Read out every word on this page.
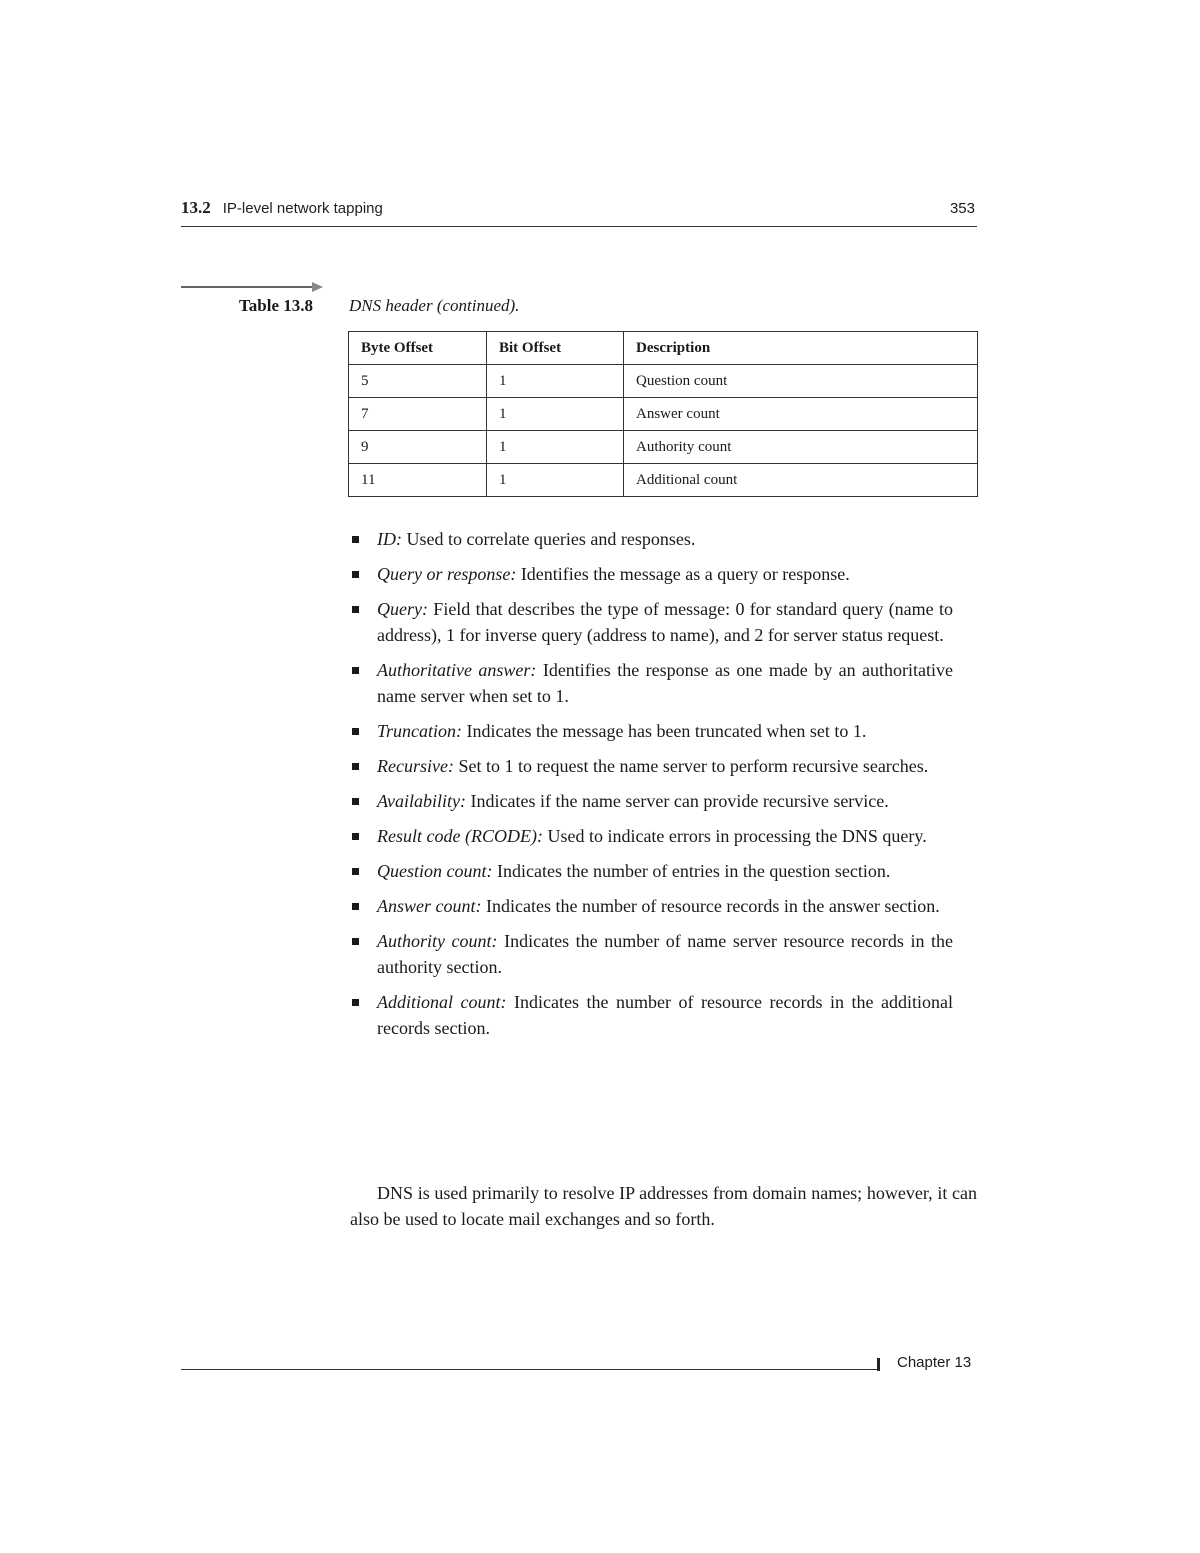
13.2 IP-level network tapping	353
Table 13.8 DNS header (continued).
Byte Offset	Bit Offset	Description
5	1	Question count
7	1	Answer count
9	1	Authority count
11	1	Additional count
ID: Used to correlate queries and responses.
Query or response: Identifies the message as a query or response.
Query: Field that describes the type of message: 0 for standard query (name to address), 1 for inverse query (address to name), and 2 for server status request.
Authoritative answer: Identifies the response as one made by an authoritative name server when set to 1.
Truncation: Indicates the message has been truncated when set to 1.
Recursive: Set to 1 to request the name server to perform recursive searches.
Availability: Indicates if the name server can provide recursive service.
Result code (RCODE): Used to indicate errors in processing the DNS query.
Question count: Indicates the number of entries in the question section.
Answer count: Indicates the number of resource records in the answer section.
Authority count: Indicates the number of name server resource records in the authority section.
Additional count: Indicates the number of resource records in the additional records section.

DNS is used primarily to resolve IP addresses from domain names; however, it can also be used to locate mail exchanges and so forth.

Chapter 13
